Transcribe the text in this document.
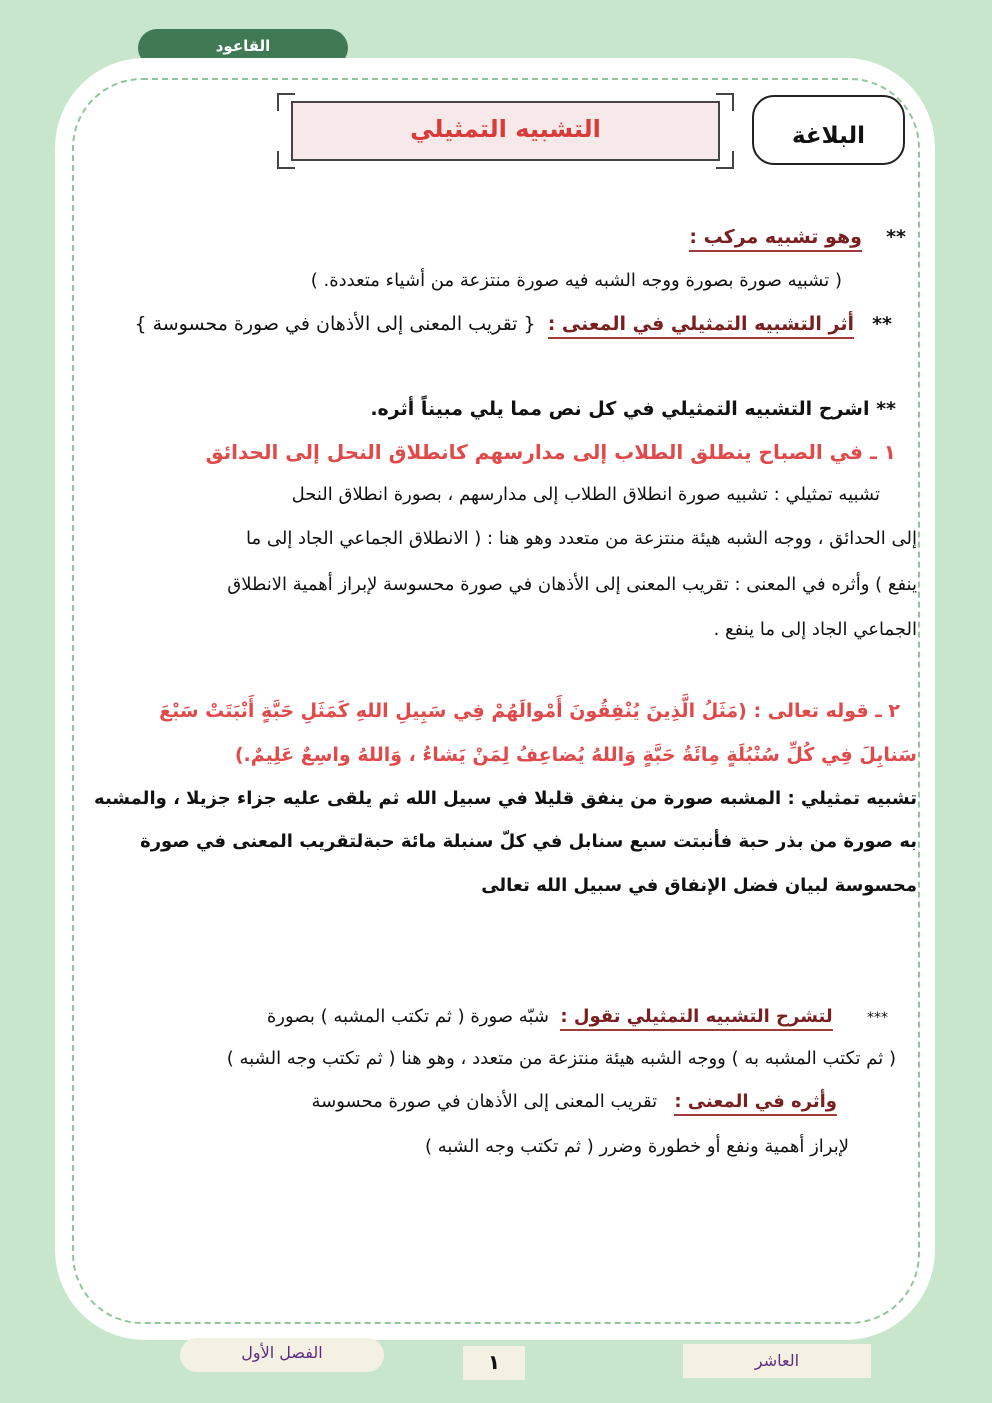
القاعود
البلاغة
التشبيه التمثيلي
**    وهو تشبيه مركب :
( تشبيه صورة بصورة ووجه الشبه فيه صورة منتزعة من أشياء متعددة. )
**   أثر التشبيه التمثيلي في المعنى :  { تقريب المعنى إلى الأذهان في صورة محسوسة }
** اشرح التشبيه التمثيلي في كل نص مما يلي مبيناً أثره.
١ ـ في الصباح ينطلق الطلاب إلى مدارسهم كانطلاق النحل إلى الحدائق
تشبيه تمثيلي : تشبيه صورة انطلاق الطلاب إلى مدارسهم ، بصورة انطلاق النحل
إلى الحدائق ، ووجه الشبه هيئة منتزعة من متعدد وهو هنا : ( الانطلاق الجماعي الجاد إلى ما
ينفع ) وأثره في المعنى : تقريب المعنى إلى الأذهان في صورة محسوسة لإبراز أهمية الانطلاق
الجماعي الجاد إلى ما ينفع .
٢ ـ قوله تعالى : (مَثَلُ الَّذِينَ يُنْفِقُونَ أَمْوالَهُمْ فِي سَبِيلِ اللهِ كَمَثَلِ حَبَّةٍ أَنْبَتَتْ سَبْعَ
سَنابِلَ فِي كُلِّ سُنْبُلَةٍ مِائَةُ حَبَّةٍ وَاللهُ يُضاعِفُ لِمَنْ يَشاءُ ، وَاللهُ واسِعٌ عَلِيمٌ.)
تشبيه تمثيلي : المشبه صورة من ينفق قليلا في سبيل الله ثم يلقى عليه جزاء جزيلا ، والمشبه
به صورة من بذر حبة فأنبتت سبع سنابل في كلّ سنبلة مائة حبةلتقريب المعنى في صورة
محسوسة لبيان فضل الإنفاق في سبيل الله تعالى
***      لتشرح التشبيه التمثيلي تقول :  شبّه صورة ( ثم تكتب المشبه ) بصورة
( ثم تكتب المشبه به ) ووجه الشبه هيئة منتزعة من متعدد ، وهو هنا ( ثم تكتب وجه الشبه )
وأثره في المعنى :   تقريب المعنى إلى الأذهان في صورة محسوسة
لإبراز أهمية ونفع أو خطورة وضرر ( ثم تكتب وجه الشبه )
الفصل الأول	١	العاشر
